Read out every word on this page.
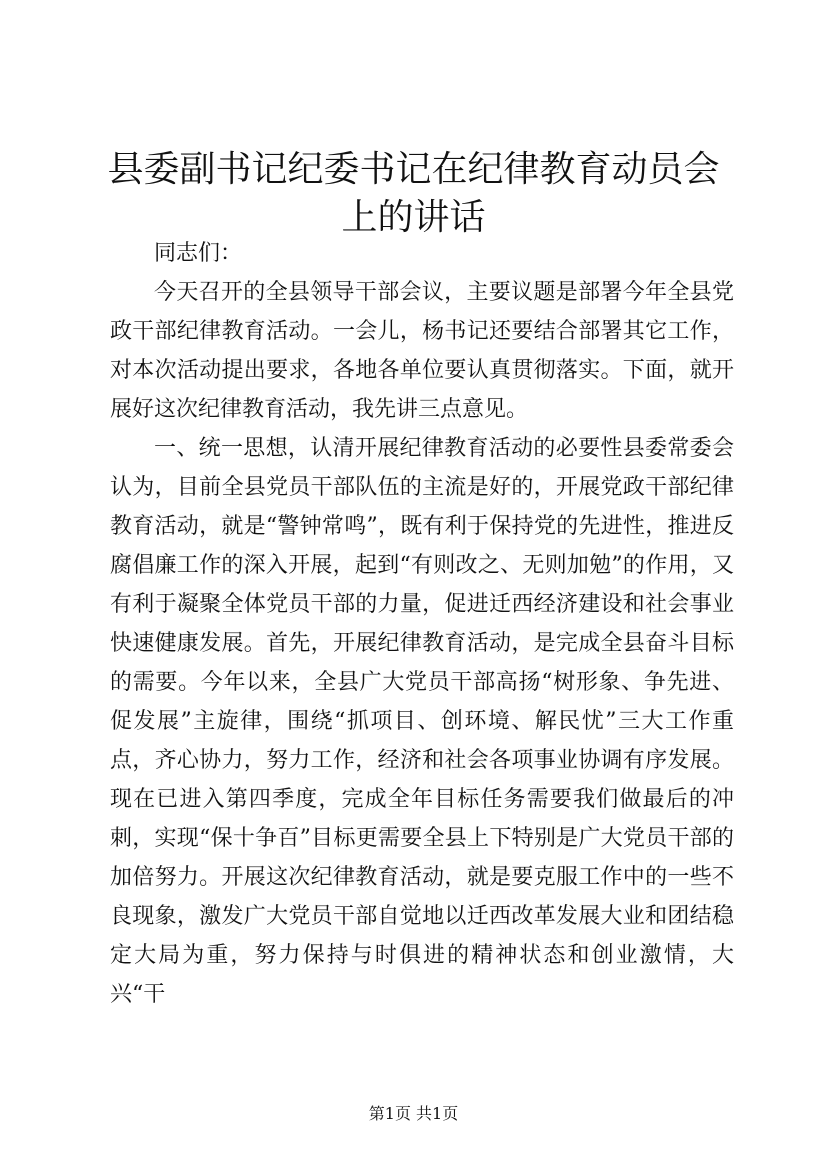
县委副书记纪委书记在纪律教育动员会上的讲话

同志们：

今天召开的全县领导干部会议，主要议题是部署今年全县党政干部纪律教育活动。一会儿，杨书记还要结合部署其它工作，对本次活动提出要求，各地各单位要认真贯彻落实。下面，就开展好这次纪律教育活动，我先讲三点意见。

一、统一思想，认清开展纪律教育活动的必要性县委常委会认为，目前全县党员干部队伍的主流是好的，开展党政干部纪律教育活动，就是“警钟常鸣”，既有利于保持党的先进性，推进反腐倡廉工作的深入开展，起到“有则改之、无则加勉”的作用，又有利于凝聚全体党员干部的力量，促进迁西经济建设和社会事业快速健康发展。首先，开展纪律教育活动，是完成全县奋斗目标的需要。今年以来，全县广大党员干部高扬“树形象、争先进、促发展”主旋律，围绕“抓项目、创环境、解民忧”三大工作重点，齐心协力，努力工作，经济和社会各项事业协调有序发展。现在已进入第四季度，完成全年目标任务需要我们做最后的冲刺，实现“保十争百”目标更需要全县上下特别是广大党员干部的加倍努力。开展这次纪律教育活动，就是要克服工作中的一些不良现象，激发广大党员干部自觉地以迁西改革发展大业和团结稳定大局为重，努力保持与时俱进的精神状态和创业激情，大兴“干

第1页 共1页
